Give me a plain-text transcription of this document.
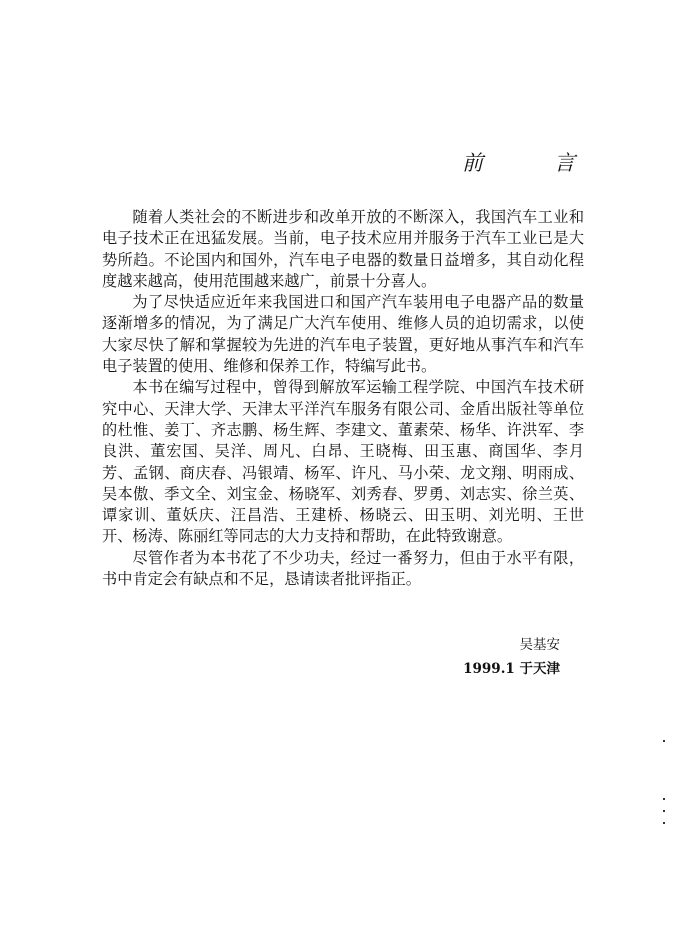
前	言

随着人类社会的不断进步和改单开放的不断深入，我国汽车工业和电子技术正在迅猛发展。当前，电子技术应用并服务于汽车工业已是大势所趋。不论国内和国外，汽车电子电器的数量日益增多，其自动化程度越来越高，使用范围越来越广，前景十分喜人。

为了尽快适应近年来我国进口和国产汽车装用电子电器产品的数量逐渐增多的情况，为了满足广大汽车使用、维修人员的迫切需求，以使大家尽快了解和掌握较为先进的汽车电子装置，更好地从事汽车和汽车电子装置的使用、维修和保养工作，特编写此书。

本书在编写过程中，曾得到解放军运输工程学院、中国汽车技术研究中心、天津大学、天津太平洋汽车服务有限公司、金盾出版社等单位的杜惟、姜丁、齐志鹏、杨生辉、李建文、董素荣、杨华、许洪军、李良洪、董宏国、吴洋、周凡、白昂、王晓梅、田玉惠、商国华、李月芳、孟钢、商庆春、冯银靖、杨军、许凡、马小荣、龙文翔、明雨成、吴本傲、季文全、刘宝金、杨晓军、刘秀春、罗勇、刘志实、徐兰英、谭家训、董妖庆、汪昌浩、王建桥、杨晓云、田玉明、刘光明、王世开、杨涛、陈丽红等同志的大力支持和帮助，在此特致谢意。

尽管作者为本书花了不少功夫，经过一番努力，但由于水平有限，书中肯定会有缺点和不足，恳请读者批评指正。

吴基安
1999.1 于天津
